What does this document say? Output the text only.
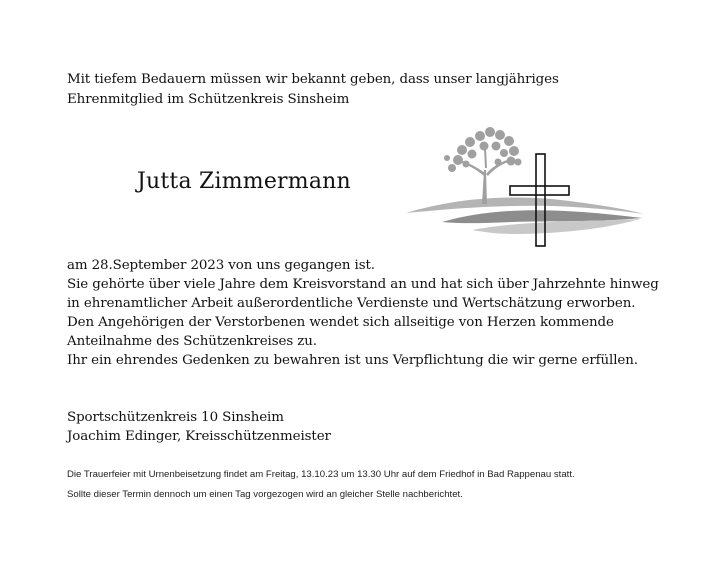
Mit tiefem Bedauern müssen wir bekannt geben, dass unser langjähriges
Ehrenmitglied im Schützenkreis Sinsheim
Jutta Zimmermann
am 28.September 2023 von uns gegangen ist.
Sie gehörte über viele Jahre dem Kreisvorstand an und hat sich über Jahrzehnte hinweg
in ehrenamtlicher Arbeit außerordentliche Verdienste und Wertschätzung erworben.
Den Angehörigen der Verstorbenen wendet sich allseitige von Herzen kommende
Anteilnahme des Schützenkreises zu.
Ihr ein ehrendes Gedenken zu bewahren ist uns Verpflichtung die wir gerne erfüllen.
Sportschützenkreis 10 Sinsheim
Joachim Edinger, Kreisschützenmeister
Die Trauerfeier mit Urnenbeisetzung findet am Freitag, 13.10.23 um 13.30 Uhr auf dem Friedhof in Bad Rappenau statt.
Sollte dieser Termin dennoch um einen Tag vorgezogen wird an gleicher Stelle nachberichtet.
